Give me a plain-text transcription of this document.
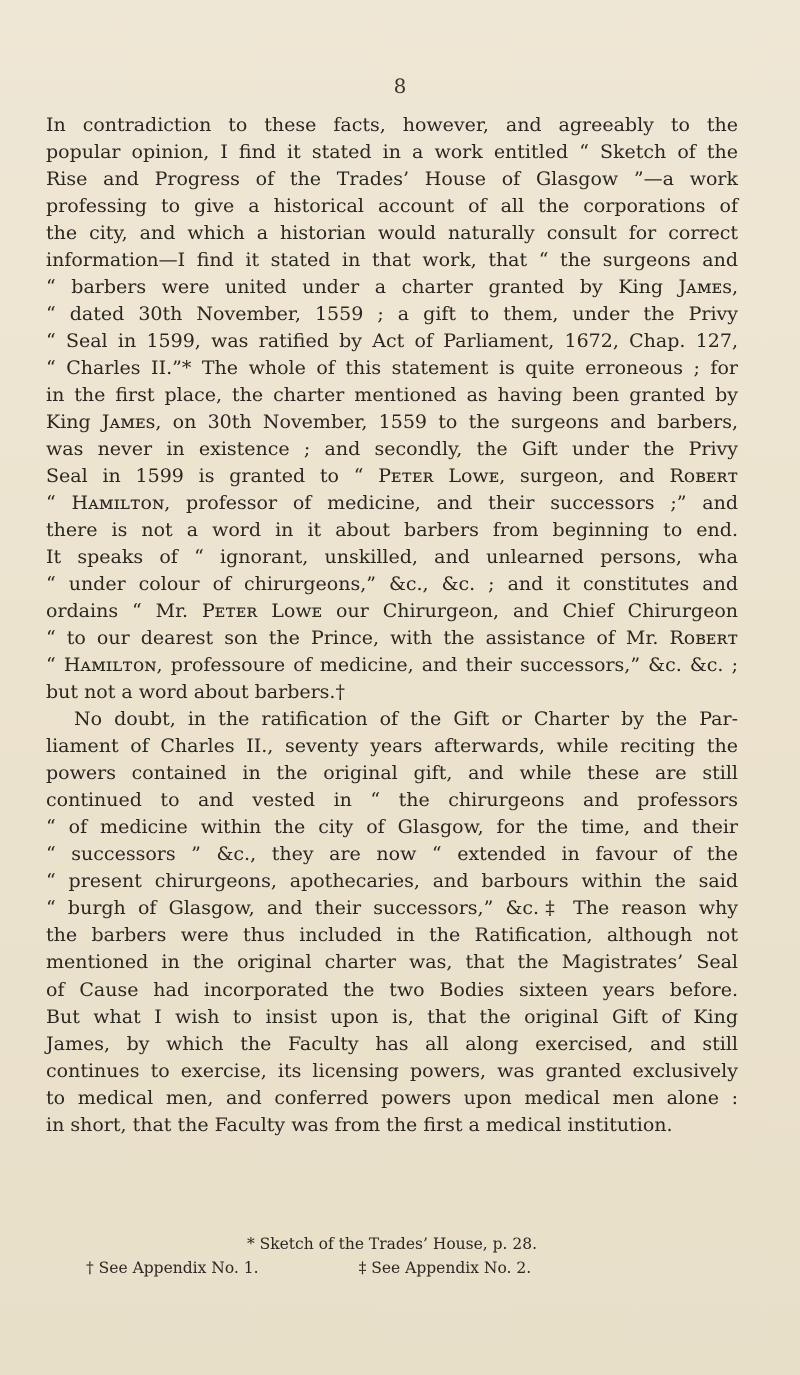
8
In contradiction to these facts, however, and agreeably to the
popular opinion, I find it stated in a work entitled “ Sketch of the
Rise and Progress of the Trades’ House of Glasgow ”—a work
professing to give a historical account of all the corporations of
the city, and which a historian would naturally consult for correct
information—I find it stated in that work, that “ the surgeons and
“ barbers were united under a charter granted by King Jᴀᴍᴇs,
“ dated 30th November, 1559 ; a gift to them, under the Privy
“ Seal in 1599, was ratified by Act of Parliament, 1672, Chap. 127,
“ Charles II.”* The whole of this statement is quite erroneous ; for
in the first place, the charter mentioned as having been granted by
King Jᴀᴍᴇs, on 30th November, 1559 to the surgeons and barbers,
was never in existence ; and secondly, the Gift under the Privy
Seal in 1599 is granted to “ Pᴇᴛᴇʀ Lᴏᴡᴇ, surgeon, and Rᴏʙᴇʀᴛ
“ Hᴀᴍɪʟᴛᴏɴ, professor of medicine, and their successors ;” and
there is not a word in it about barbers from beginning to end.
It speaks of “ ignorant, unskilled, and unlearned persons, wha
“ under colour of chirurgeons,” &c., &c. ; and it constitutes and
ordains “ Mr. Pᴇᴛᴇʀ Lᴏᴡᴇ our Chirurgeon, and Chief Chirurgeon
“ to our dearest son the Prince, with the assistance of Mr. Rᴏʙᴇʀᴛ
“ Hᴀᴍɪʟᴛᴏɴ, professoure of medicine, and their successors,” &c. &c. ;
but not a word about barbers.†
No doubt, in the ratification of the Gift or Charter by the Par-
liament of Charles II., seventy years afterwards, while reciting the
powers contained in the original gift, and while these are still
continued to and vested in “ the chirurgeons and professors
“ of medicine within the city of Glasgow, for the time, and their
“ successors ” &c., they are now “ extended in favour of the
“ present chirurgeons, apothecaries, and barbours within the said
“ burgh of Glasgow, and their successors,” &c.‡ The reason why
the barbers were thus included in the Ratification, although not
mentioned in the original charter was, that the Magistrates’ Seal
of Cause had incorporated the two Bodies sixteen years before.
But what I wish to insist upon is, that the original Gift of King
James, by which the Faculty has all along exercised, and still
continues to exercise, its licensing powers, was granted exclusively
to medical men, and conferred powers upon medical men alone :
in short, that the Faculty was from the first a medical institution.
* Sketch of the Trades’ House, p. 28.
† See Appendix No. 1.	‡ See Appendix No. 2.
